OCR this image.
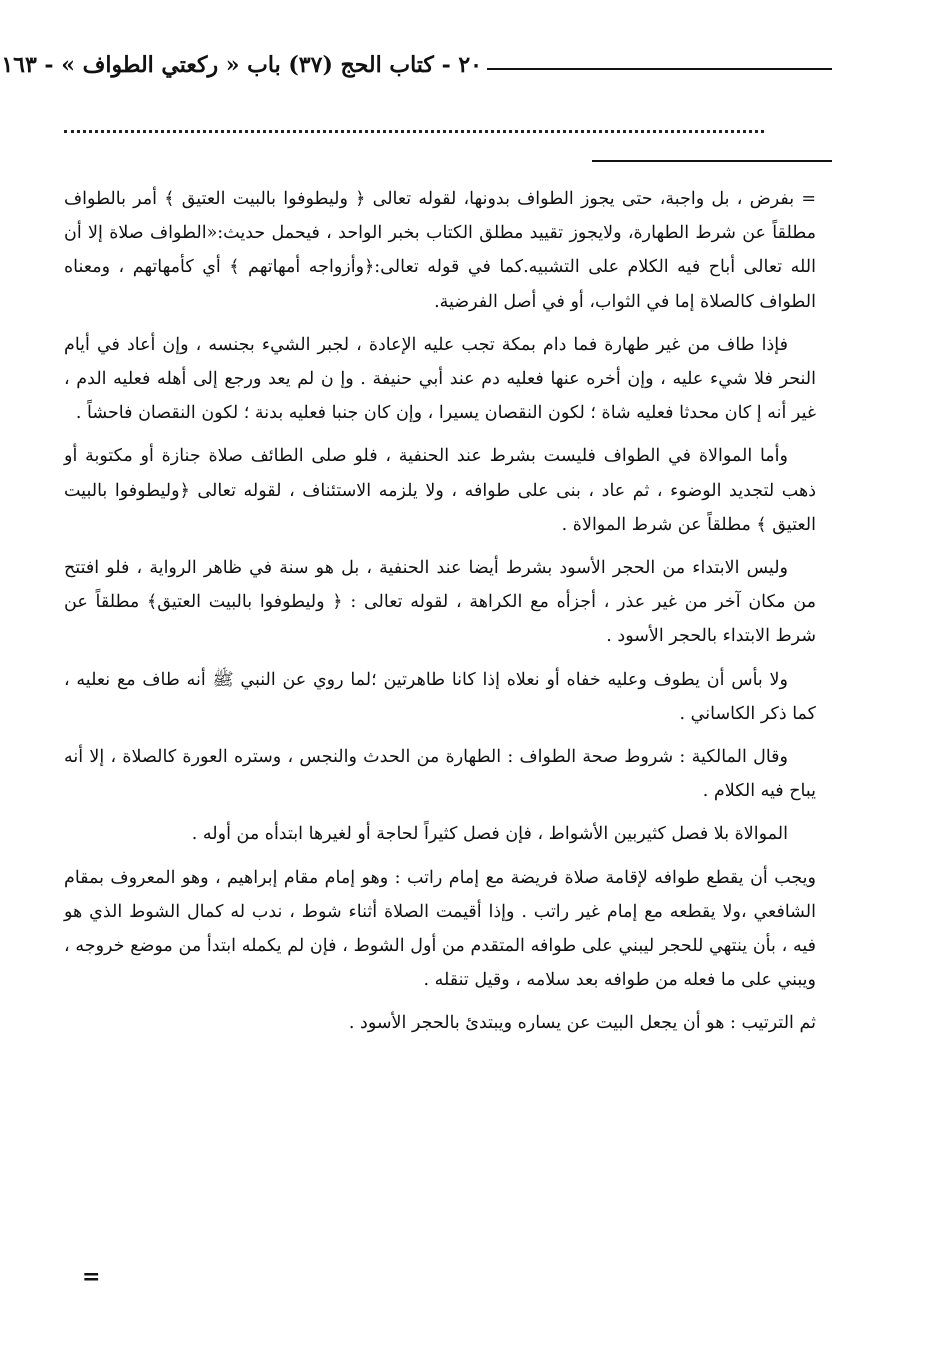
٢٠ - كتاب الحج (٣٧) باب « ركعتي الطواف » - ١٦٣

= بفرض ، بل واجبة، حتى يجوز الطواف بدونها، لقوله تعالى ﴿ وليطوفوا بالبيت العتيق ﴾ أمر بالطواف مطلقاً عن شرط الطهارة، ولايجوز تقييد مطلق الكتاب بخبر الواحد ، فيحمل حديث:«الطواف صلاة إلا أن الله تعالى أباح فيه الكلام على التشبيه.كما في قوله تعالى:﴿وأزواجه أمهاتهم ﴾ أي كأمهاتهم ، ومعناه الطواف كالصلاة إما في الثواب، أو في أصل الفرضية.

فإذا طاف من غير طهارة فما دام بمكة تجب عليه الإعادة ، لجبر الشيء بجنسه ، وإن أعاد في أيام النحر فلا شيء عليه ، وإن أخره عنها فعليه دم عند أبي حنيفة . وإ ن لم يعد ورجع إلى أهله فعليه الدم ، غير أنه إ كان محدثا فعليه شاة ؛ لكون النقصان يسيرا ، وإن كان جنبا فعليه بدنة ؛ لكون النقصان فاحشاً .

وأما الموالاة في الطواف فليست بشرط عند الحنفية ، فلو صلى الطائف صلاة جنازة أو مكتوبة أو ذهب لتجديد الوضوء ، ثم عاد ، بنى على طوافه ، ولا يلزمه الاستئناف ، لقوله تعالى ﴿وليطوفوا بالبيت العتيق ﴾ مطلقاً عن شرط الموالاة .

وليس الابتداء من الحجر الأسود بشرط أيضا عند الحنفية ، بل هو سنة في ظاهر الرواية ، فلو افتتح من مكان آخر من غير عذر ، أجزأه مع الكراهة ، لقوله تعالى : ﴿ وليطوفوا بالبيت العتيق﴾ مطلقاً عن شرط الابتداء بالحجر الأسود .

ولا بأس أن يطوف وعليه خفاه أو نعلاه إذا كانا طاهرتين ؛لما روي عن النبي ﷺ أنه طاف مع نعليه ، كما ذكر الكاساني .

وقال المالكية : شروط صحة الطواف : الطهارة من الحدث والنجس ، وستره العورة كالصلاة ، إلا أنه يباح فيه الكلام .

الموالاة بلا فصل كثيربين الأشواط ، فإن فصل كثيراً لحاجة أو لغيرها ابتدأه من أوله .

ويجب أن يقطع طوافه لإقامة صلاة فريضة مع إمام راتب : وهو إمام مقام إبراهيم ، وهو المعروف بمقام الشافعي ،ولا يقطعه مع إمام غير راتب . وإذا أقيمت الصلاة أثناء شوط ، ندب له كمال الشوط الذي هو فيه ، بأن ينتهي للحجر ليبني على طوافه المتقدم من أول الشوط ، فإن لم يكمله ابتدأ من موضع خروجه ، ويبني على ما فعله من طوافه بعد سلامه ، وقيل تنقله .

ثم الترتيب : هو أن يجعل البيت عن يساره ويبتدئ بالحجر الأسود .

=
